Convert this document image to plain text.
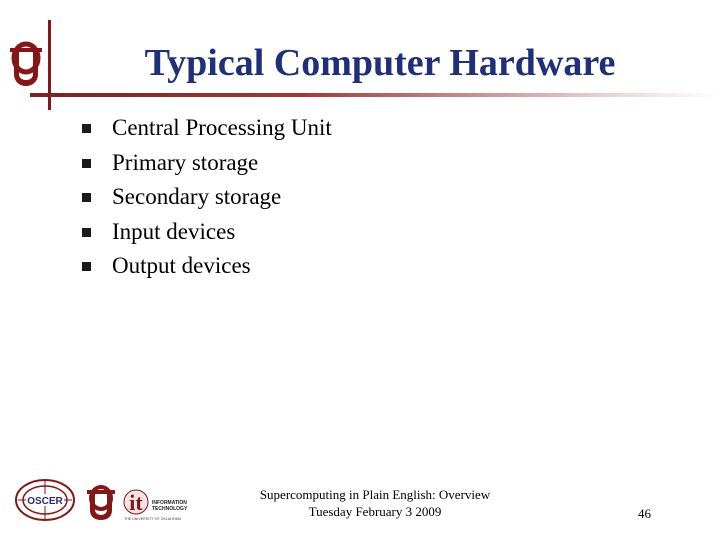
Typical Computer Hardware
Central Processing Unit
Primary storage
Secondary storage
Input devices
Output devices
OSCER	it INFORMATION
TECHNOLOGY
THE UNIVERSITY OF OKLAHOMA
Supercomputing in Plain English: Overview
Tuesday February 3 2009	46
